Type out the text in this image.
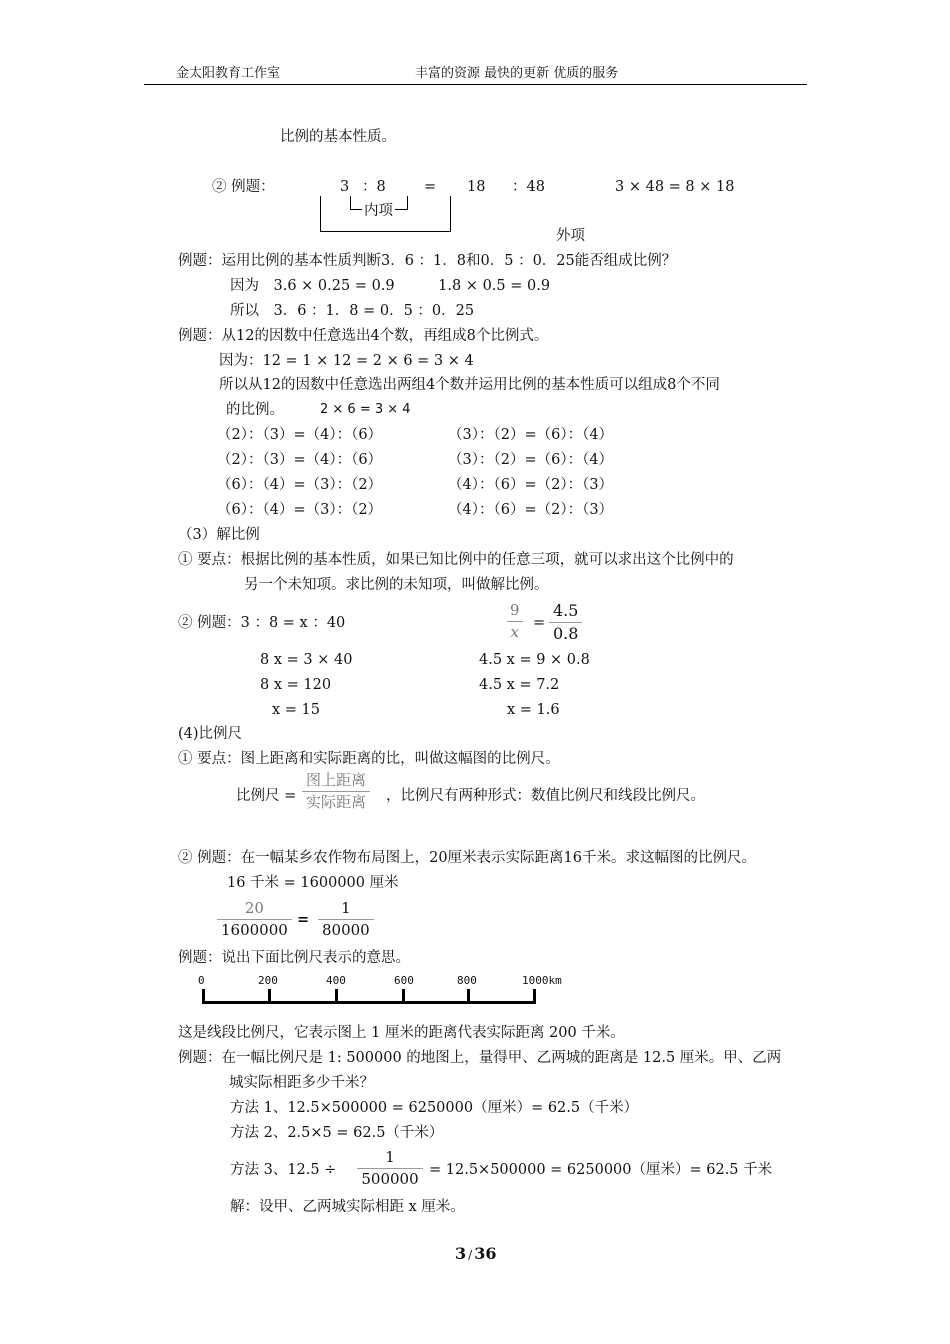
金太阳教育工作室	丰富的资源 最快的更新 优质的服务
比例的基本性质。
② 例题：	3 ：8	= 18 ：48	3 × 48 = 8 × 18
内项
外项
例题：运用比例的基本性质判断3．6 ：1．8和0．5 ：0．25能否组成比例？
因为　3.6 × 0.25 = 0.9　　　1.8 × 0.5 = 0.9
所以　3．6 ：1．8 = 0．5 ：0．25
例题：从12的因数中任意选出4个数，再组成8个比例式。
因为：12 = 1 × 12 = 2 × 6 = 3 × 4
所以从12的因数中任意选出两组4个数并运用比例的基本性质可以组成8个不同
的比例。	2 × 6 = 3 × 4
（2）：（3）=（4）：（6）	（3）：（2）=（6）：（4）
（2）：（3）=（4）：（6）	（3）：（2）=（6）：（4）
（6）：（4）=（3）：（2）	（4）：（6）=（2）：（3）
（6）：（4）=（3）：（2）	（4）：（6）=（2）：（3）
（3）解比例
① 要点：根据比例的基本性质，如果已知比例中的任意三项，就可以求出这个比例中的
另一个未知项。求比例的未知项，叫做解比例。
② 例题：3 ：8 = x ：40	$\frac{9}{x} = \frac{4.5}{0.8}$
8 x = 3 × 40
8 x = 120
x = 15
4.5 x = 9 × 0.8
4.5 x = 7.2
x = 1.6
(4)比例尺
① 要点：图上距离和实际距离的比，叫做这幅图的比例尺。
比例尺 =
图上距离
实际距离 ，比例尺有两种形式：数值比例尺和线段比例尺。
② 例题：在一幅某乡农作物布局图上，20厘米表示实际距离16千米。求这幅图的比例尺。
16 千米 = 1600000 厘米
$\frac{20}{1600000} = \frac{1}{80000}$
例题：说出下面比例尺表示的意思。
0	200	400	600	800	1000km
这是线段比例尺，它表示图上 1 厘米的距离代表实际距离 200 千米。
例题：在一幅比例尺是 1: 500000 的地图上，量得甲、乙两城的距离是 12.5 厘米。甲、乙两
城实际相距多少千米？
方法 1、12.5×500000 = 6250000（厘米）= 62.5（千米）
方法 2、2.5×5 = 62.5（千米）
方法 3、$12.5 \div \frac{1}{500000} = 12.5\times 500000 = 6250000$（厘米）= 62.5 千米
解：设甲、乙两城实际相距 x 厘米。
3 / 36
